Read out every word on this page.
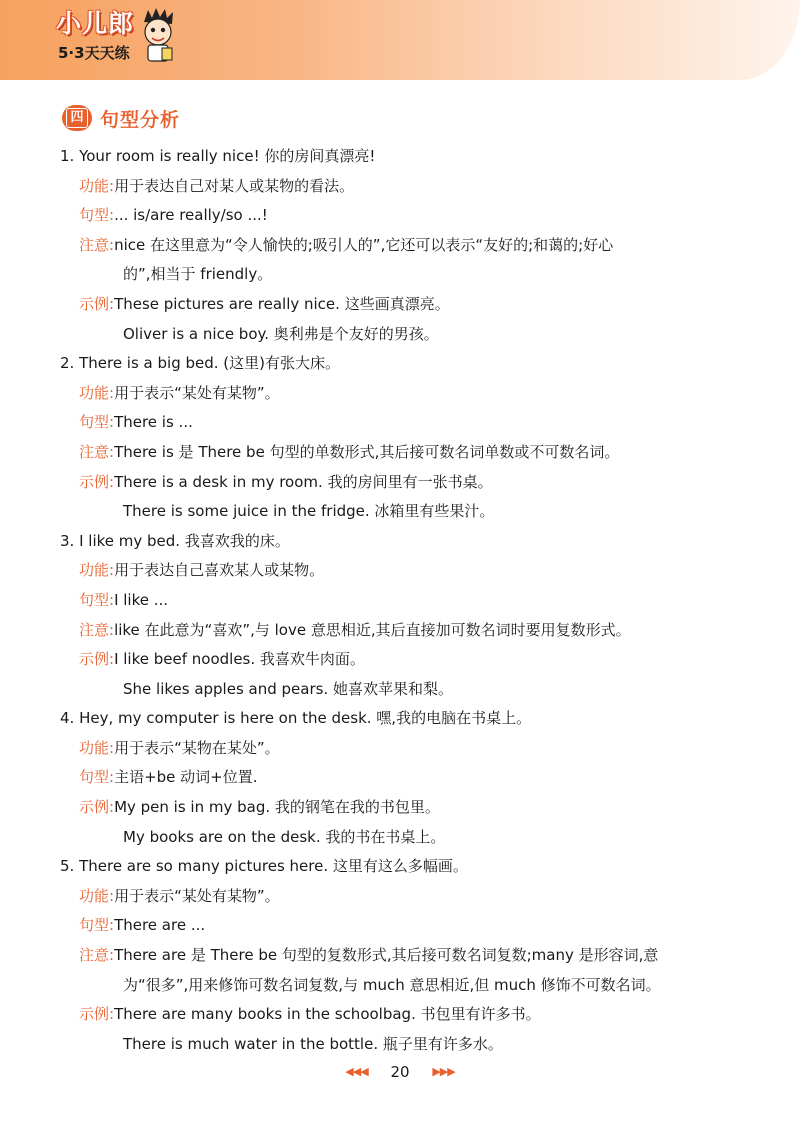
小儿郎
5·3天天练
四 句型分析
1. Your room is really nice! 你的房间真漂亮!
功能:用于表达自己对某人或某物的看法。
句型:... is/are really/so ...!
注意:nice 在这里意为“令人愉快的;吸引人的”,它还可以表示“友好的;和蔼的;好心
的”,相当于 friendly。
示例:These pictures are really nice. 这些画真漂亮。
Oliver is a nice boy. 奥利弗是个友好的男孩。
2. There is a big bed. (这里)有张大床。
功能:用于表示“某处有某物”。
句型:There is ...
注意:There is 是 There be 句型的单数形式,其后接可数名词单数或不可数名词。
示例:There is a desk in my room. 我的房间里有一张书桌。
There is some juice in the fridge. 冰箱里有些果汁。
3. I like my bed. 我喜欢我的床。
功能:用于表达自己喜欢某人或某物。
句型:I like ...
注意:like 在此意为“喜欢”,与 love 意思相近,其后直接加可数名词时要用复数形式。
示例:I like beef noodles. 我喜欢牛肉面。
She likes apples and pears. 她喜欢苹果和梨。
4. Hey, my computer is here on the desk. 嘿,我的电脑在书桌上。
功能:用于表示“某物在某处”。
句型:主语+be 动词+位置.
示例:My pen is in my bag. 我的钢笔在我的书包里。
My books are on the desk. 我的书在书桌上。
5. There are so many pictures here. 这里有这么多幅画。
功能:用于表示“某处有某物”。
句型:There are ...
注意:There are 是 There be 句型的复数形式,其后接可数名词复数;many 是形容词,意
为“很多”,用来修饰可数名词复数,与 much 意思相近,但 much 修饰不可数名词。
示例:There are many books in the schoolbag. 书包里有许多书。
There is much water in the bottle. 瓶子里有许多水。
◀◀◀ 20 ▶▶▶
